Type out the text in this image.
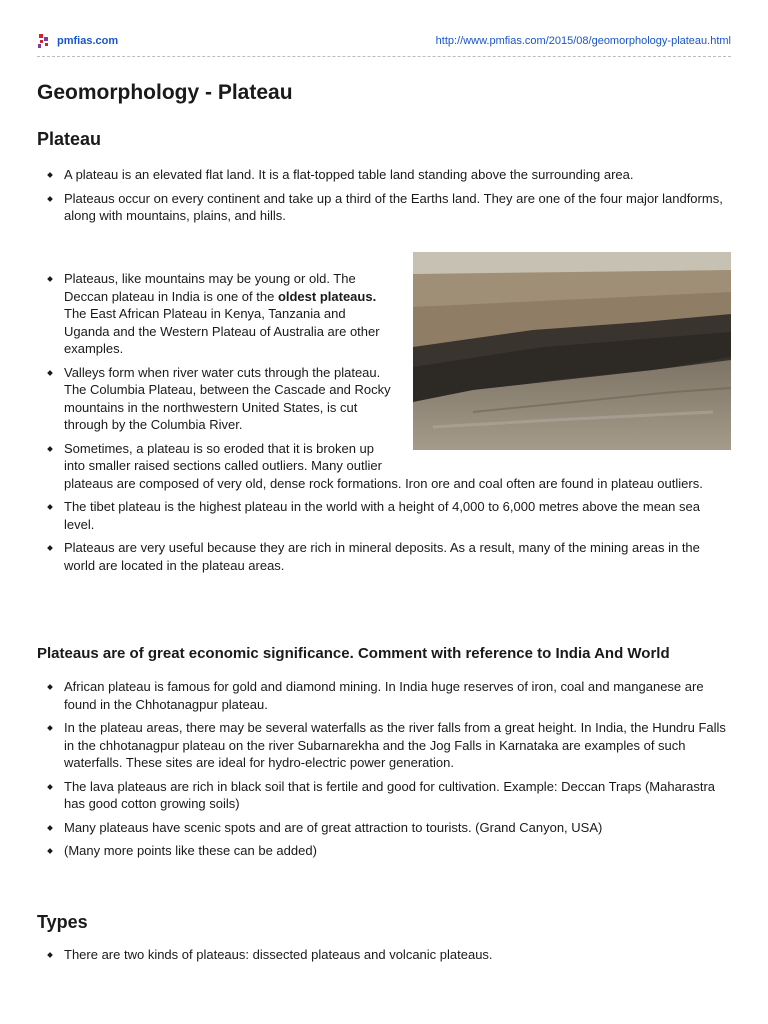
pmfias.com	http://www.pmfias.com/2015/08/geomorphology-plateau.html
Geomorphology - Plateau
Plateau
A plateau is an elevated flat land. It is a flat-topped table land standing above the surrounding area.
Plateaus occur on every continent and take up a third of the Earths land. They are one of the four major landforms, along with mountains, plains, and hills.
Plateaus, like mountains may be young or old. The Deccan plateau in India is one of the oldest plateaus. The East African Plateau in Kenya, Tanzania and Uganda and the Western Plateau of Australia are other examples.
Valleys form when river water cuts through the plateau. The Columbia Plateau, between the Cascade and Rocky mountains in the northwestern United States, is cut through by the Columbia River.
Sometimes, a plateau is so eroded that it is broken up into smaller raised sections called outliers. Many outlier plateaus are composed of very old, dense rock formations. Iron ore and coal often are found in plateau outliers.
The tibet plateau is the highest plateau in the world with a height of 4,000 to 6,000 metres above the mean sea level.
Plateaus are very useful because they are rich in mineral deposits. As a result, many of the mining areas in the world are located in the plateau areas.
Plateaus are of great economic significance. Comment with reference to India And World
African plateau is famous for gold and diamond mining. In India huge reserves of iron, coal and manganese are found in the Chhotanagpur plateau.
In the plateau areas, there may be several waterfalls as the river falls from a great height. In India, the Hundru Falls in the chhotanagpur plateau on the river Subarnarekha and the Jog Falls in Karnataka are examples of such waterfalls. These sites are ideal for hydro-electric power generation.
The lava plateaus are rich in black soil that is fertile and good for cultivation. Example: Deccan Traps (Maharastra has good cotton growing soils)
Many plateaus have scenic spots and are of great attraction to tourists. (Grand Canyon, USA)
(Many more points like these can be added)
Types
There are two kinds of plateaus: dissected plateaus and volcanic plateaus.
